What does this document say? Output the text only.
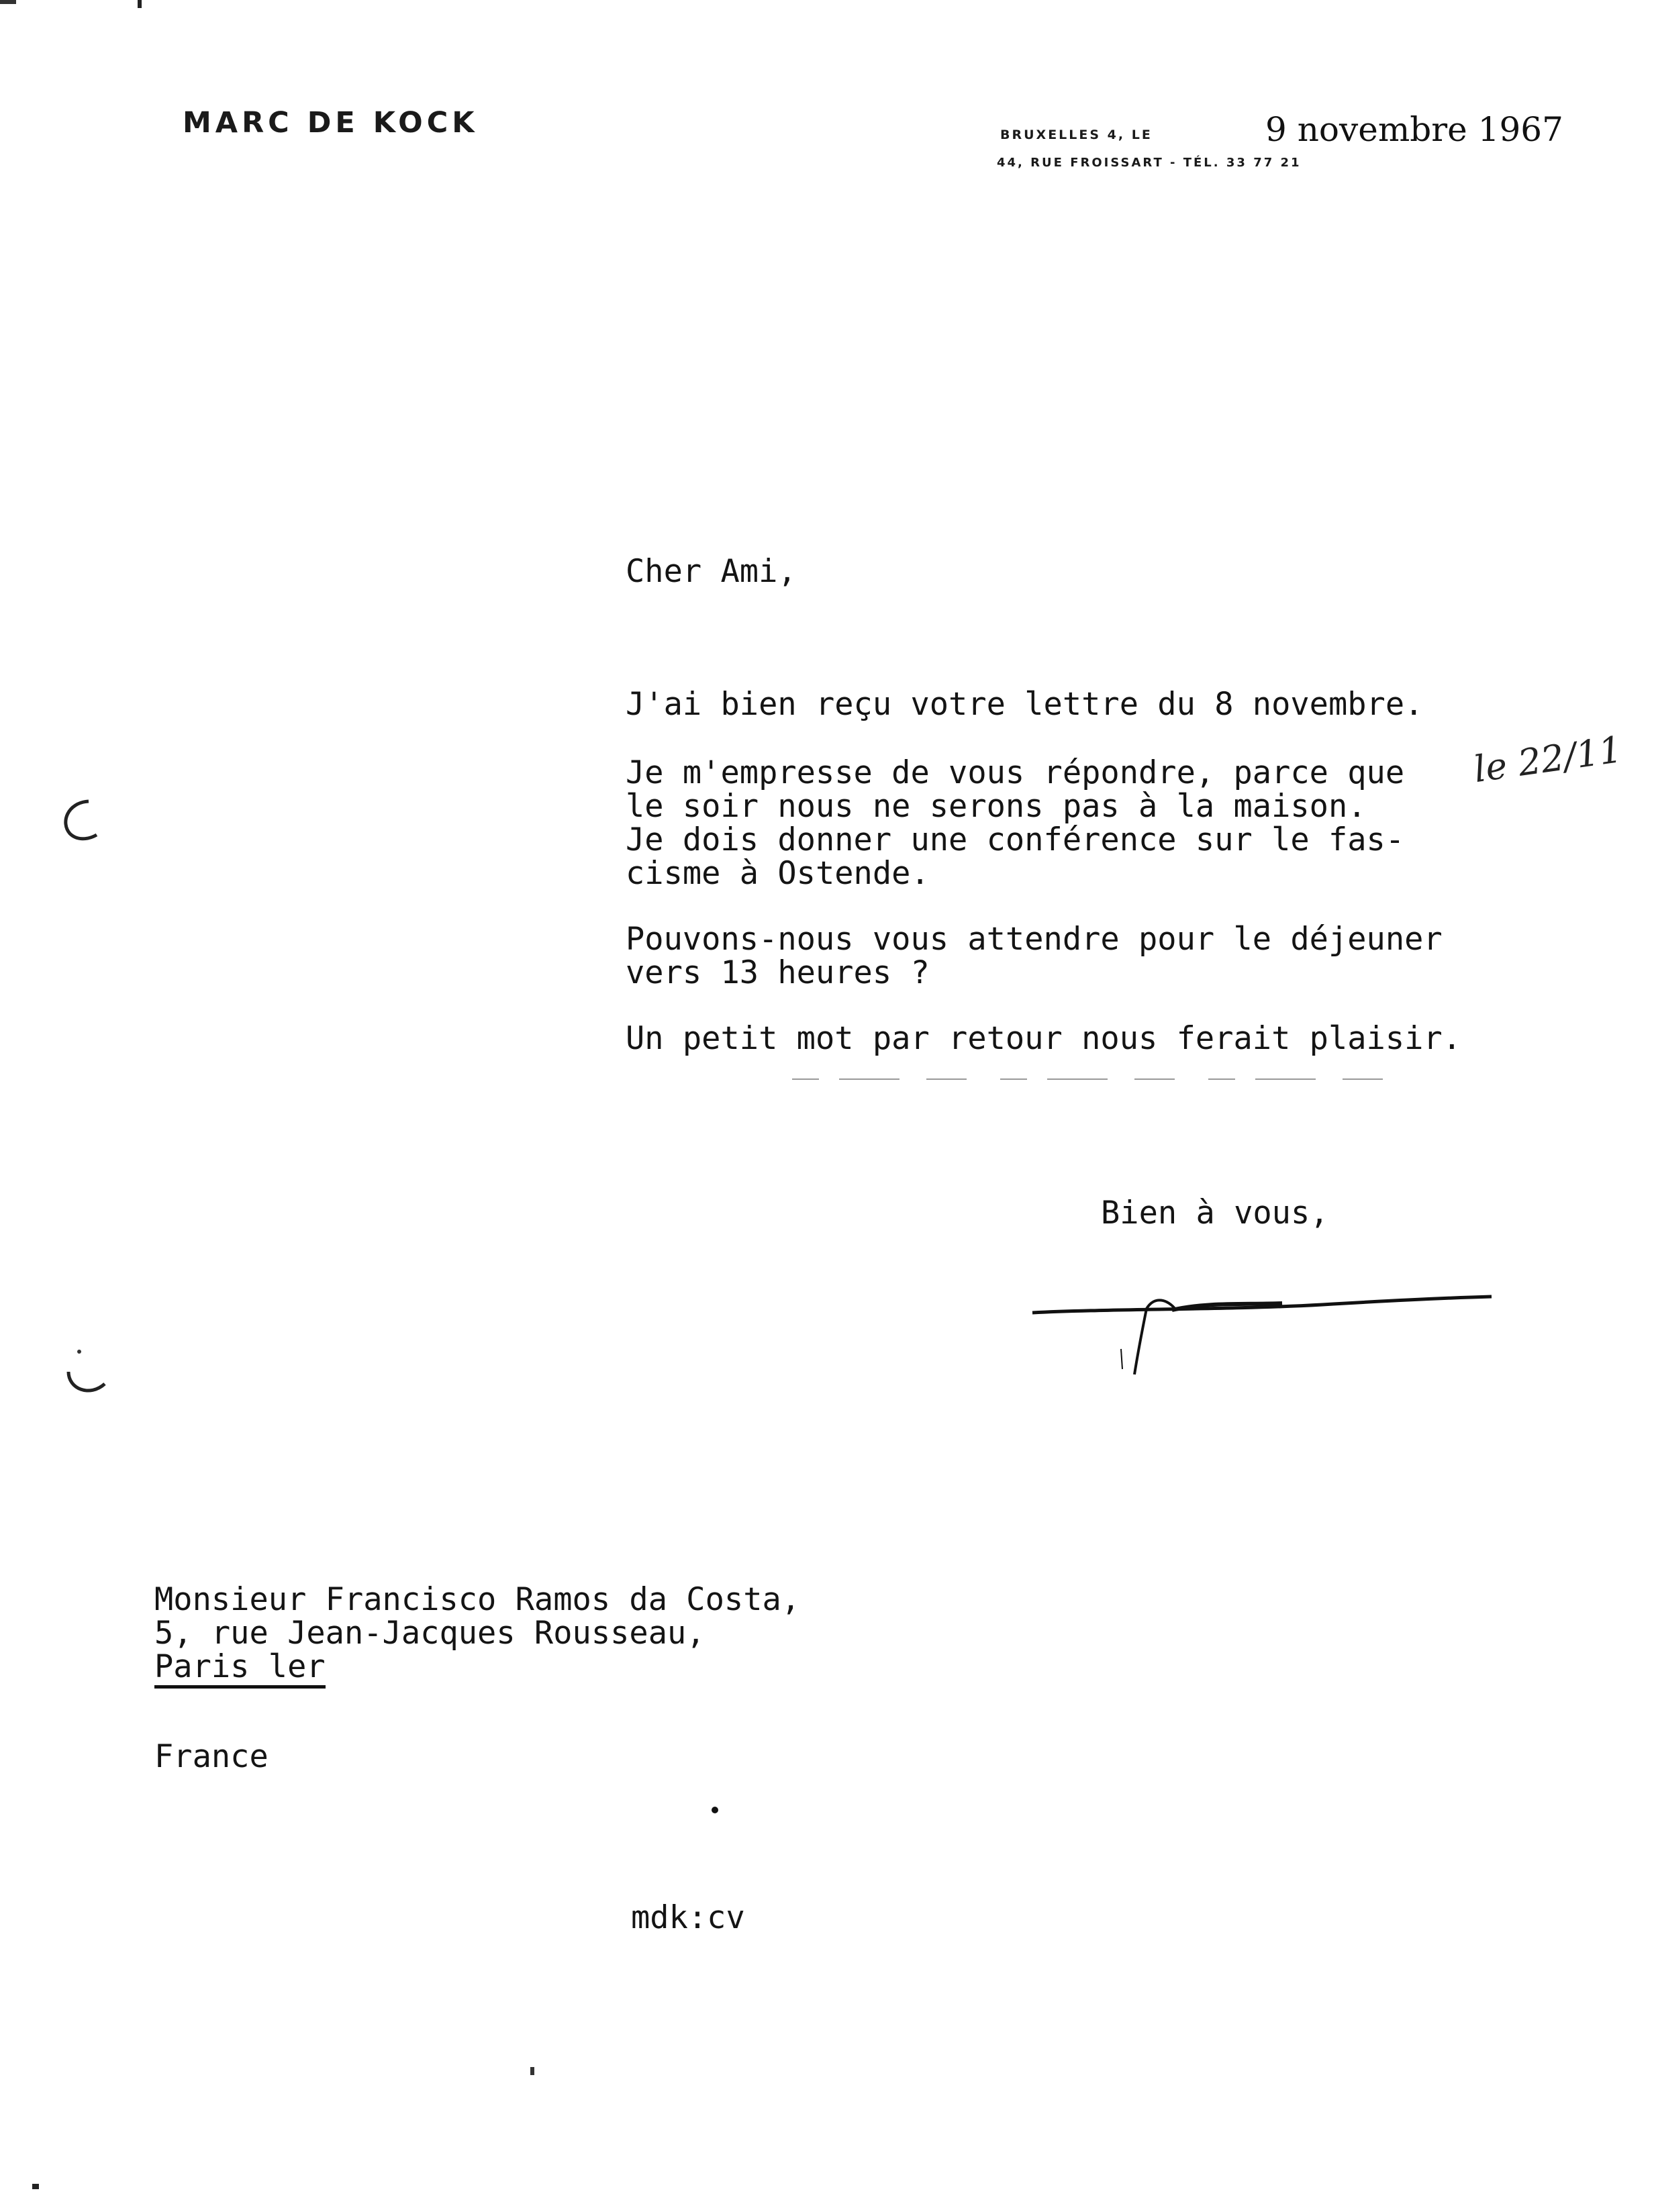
MARC DE KOCK	BRUXELLES 4, LE	9 novembre 1967
44, RUE FROISSART - TÉL. 33 77 21
Cher Ami,
J'ai bien reçu votre lettre du 8 novembre.
Je m'empresse de vous répondre, parce que
le soir nous ne serons pas à la maison.
Je dois donner une conférence sur le fas-
cisme à Ostende.
le 22/11
Pouvons-nous vous attendre pour le déjeuner
vers 13 heures ?
Un petit mot par retour nous ferait plaisir.
Bien à vous,
Monsieur Francisco Ramos da Costa,
5, rue Jean-Jacques Rousseau,
Paris ler
France
mdk:cv
